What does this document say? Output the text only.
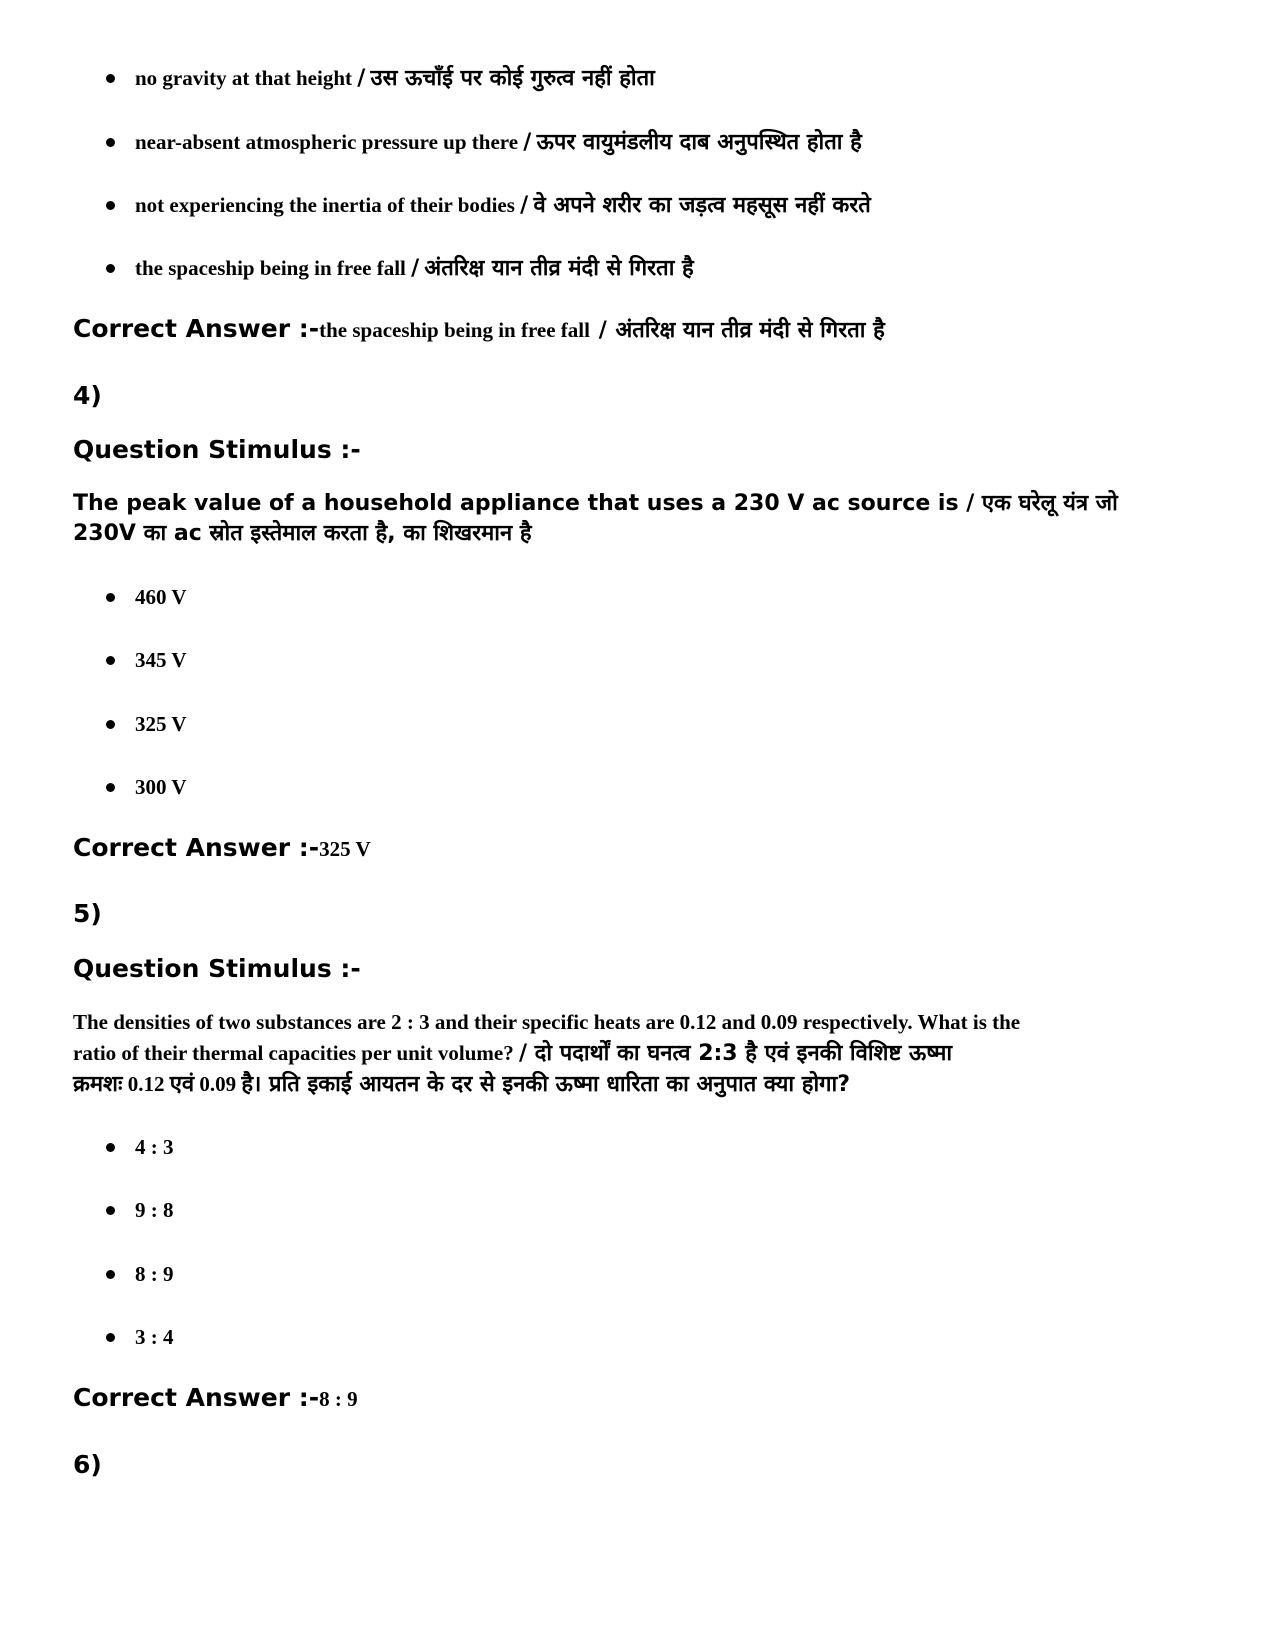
no gravity at that height / उस ऊचाँई पर कोई गुरुत्व नहीं होता
near-absent atmospheric pressure up there / ऊपर वायुमंडलीय दाब अनुपस्थित होता है
not experiencing the inertia of their bodies / वे अपने शरीर का जड़त्व महसूस नहीं करते
the spaceship being in free fall / अंतरिक्ष यान तीव्र मंदी से गिरता है
Correct Answer :-the spaceship being in free fall / अंतरिक्ष यान तीव्र मंदी से गिरता है
4)
Question Stimulus :-
The peak value of a household appliance that uses a 230 V ac source is / एक घरेलू यंत्र जो
230V का ac स्रोत इस्तेमाल करता है, का शिखरमान है
460 V
345 V
325 V
300 V
Correct Answer :-325 V
5)
Question Stimulus :-
The densities of two substances are 2 : 3 and their specific heats are 0.12 and 0.09 respectively. What is the
ratio of their thermal capacities per unit volume? / दो पदार्थों का घनत्व 2:3 है एवं इनकी विशिष्ट ऊष्मा
क्रमशः 0.12 एवं 0.09 है। प्रति इकाई आयतन के दर से इनकी ऊष्मा धारिता का अनुपात क्या होगा?
4 : 3
9 : 8
8 : 9
3 : 4
Correct Answer :-8 : 9
6)
